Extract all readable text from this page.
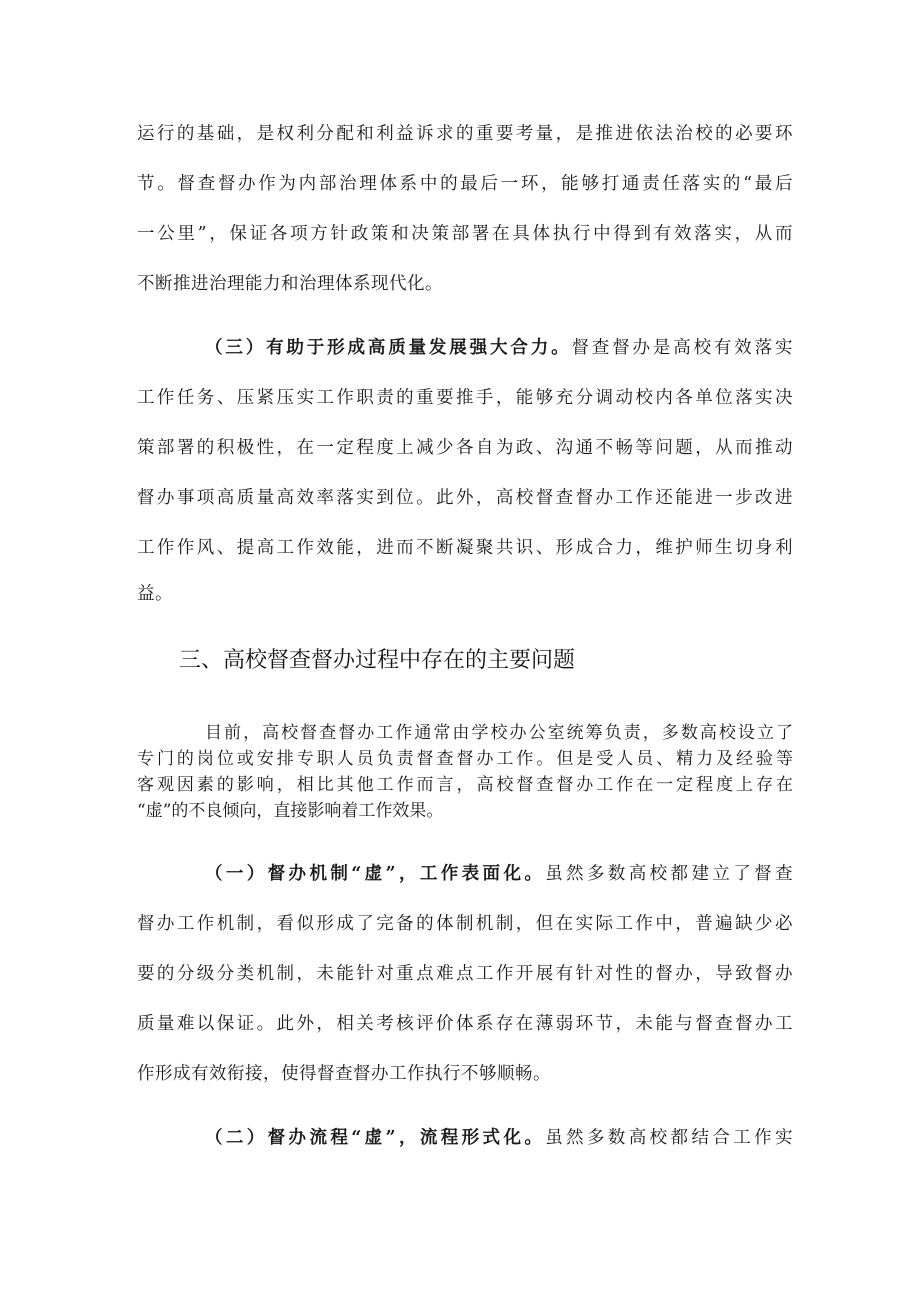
运行的基础，是权利分配和利益诉求的重要考量，是推进依法治校的必要环
节。督查督办作为内部治理体系中的最后一环，能够打通责任落实的“最后
一公里”，保证各项方针政策和决策部署在具体执行中得到有效落实，从而
不断推进治理能力和治理体系现代化。
（三）有助于形成高质量发展强大合力。督查督办是高校有效落实
工作任务、压紧压实工作职责的重要推手，能够充分调动校内各单位落实决
策部署的积极性，在一定程度上减少各自为政、沟通不畅等问题，从而推动
督办事项高质量高效率落实到位。此外，高校督查督办工作还能进一步改进
工作作风、提高工作效能，进而不断凝聚共识、形成合力，维护师生切身利
益。
三、高校督查督办过程中存在的主要问题
目前，高校督查督办工作通常由学校办公室统筹负责，多数高校设立了
专门的岗位或安排专职人员负责督查督办工作。但是受人员、精力及经验等
客观因素的影响，相比其他工作而言，高校督查督办工作在一定程度上存在
“虚”的不良倾向，直接影响着工作效果。
（一）督办机制“虚”，工作表面化。虽然多数高校都建立了督查
督办工作机制，看似形成了完备的体制机制，但在实际工作中，普遍缺少必
要的分级分类机制，未能针对重点难点工作开展有针对性的督办，导致督办
质量难以保证。此外，相关考核评价体系存在薄弱环节，未能与督查督办工
作形成有效衔接，使得督查督办工作执行不够顺畅。
（二）督办流程“虚”，流程形式化。虽然多数高校都结合工作实
